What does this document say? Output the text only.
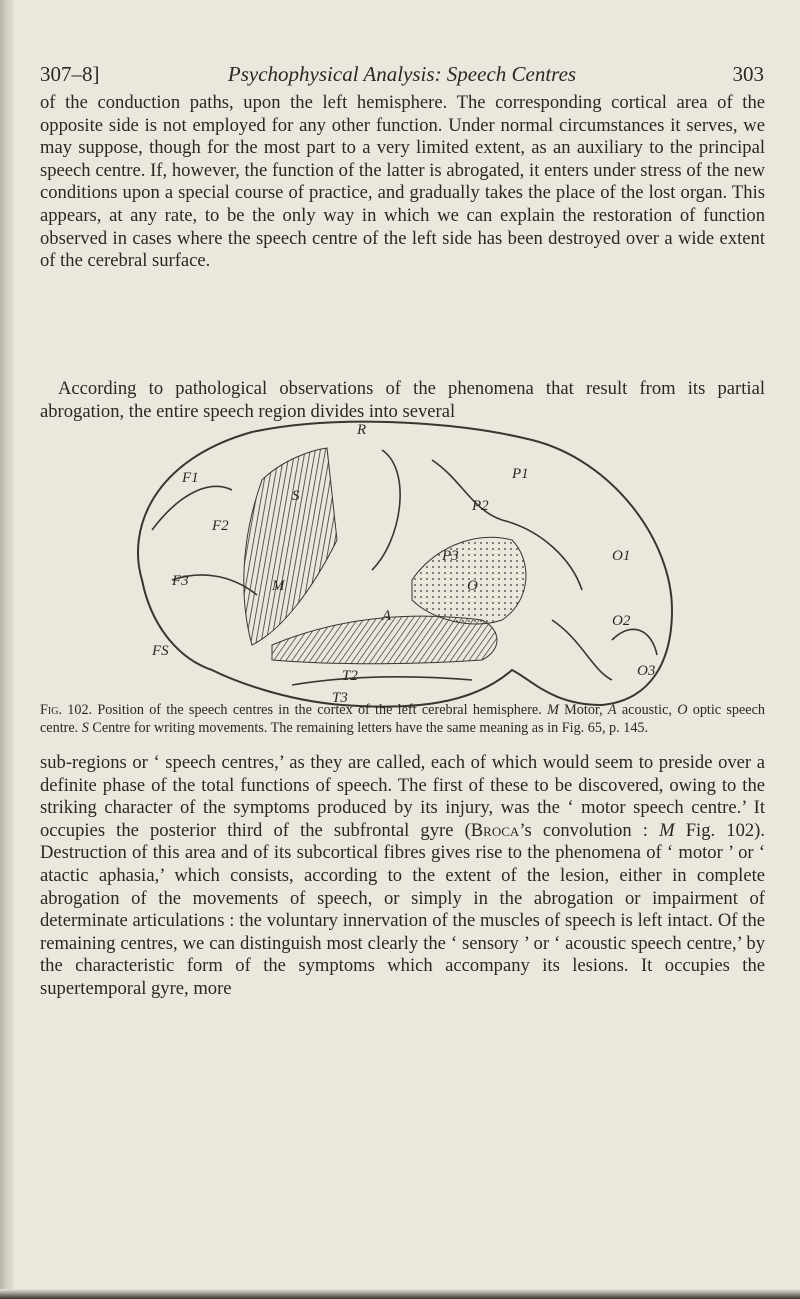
307–8]	Psychophysical Analysis: Speech Centres	303

of the conduction paths, upon the left hemisphere. The corresponding cortical area of the opposite side is not employed for any other function. Under normal circumstances it serves, we may suppose, though for the most part to a very limited extent, as an auxiliary to the principal speech centre. If, however, the function of the latter is abrogated, it enters under stress of the new conditions upon a special course of practice, and gradually takes the place of the lost organ. This appears, at any rate, to be the only way in which we can explain the restoration of function observed in cases where the speech centre of the left side has been destroyed over a wide extent of the cerebral surface.

According to pathological observations of the phenomena that result from its partial abrogation, the entire speech region divides into several

R
F1
F2
F3
FS
M
S
A
O
P1
P2
P3	O1
O2
O3
T2
T3

Fig. 102. Position of the speech centres in the cortex of the left cerebral hemisphere. M Motor, A acoustic, O optic speech centre. S Centre for writing movements. The remaining letters have the same meaning as in Fig. 65, p. 145.

sub-regions or ‘ speech centres,’ as they are called, each of which would seem to preside over a definite phase of the total functions of speech. The first of these to be discovered, owing to the striking character of the symptoms produced by its injury, was the ‘ motor speech centre.’ It occupies the posterior third of the subfrontal gyre (Broca’s convolution : M Fig. 102). Destruction of this area and of its subcortical fibres gives rise to the phenomena of ‘ motor ’ or ‘ atactic aphasia,’ which consists, according to the extent of the lesion, either in complete abrogation of the movements of speech, or simply in the abrogation or impairment of determinate articulations : the voluntary innervation of the muscles of speech is left intact. Of the remaining centres, we can distinguish most clearly the ‘ sensory ’ or ‘ acoustic speech centre,’ by the characteristic form of the symptoms which accompany its lesions. It occupies the supertemporal gyre, more
